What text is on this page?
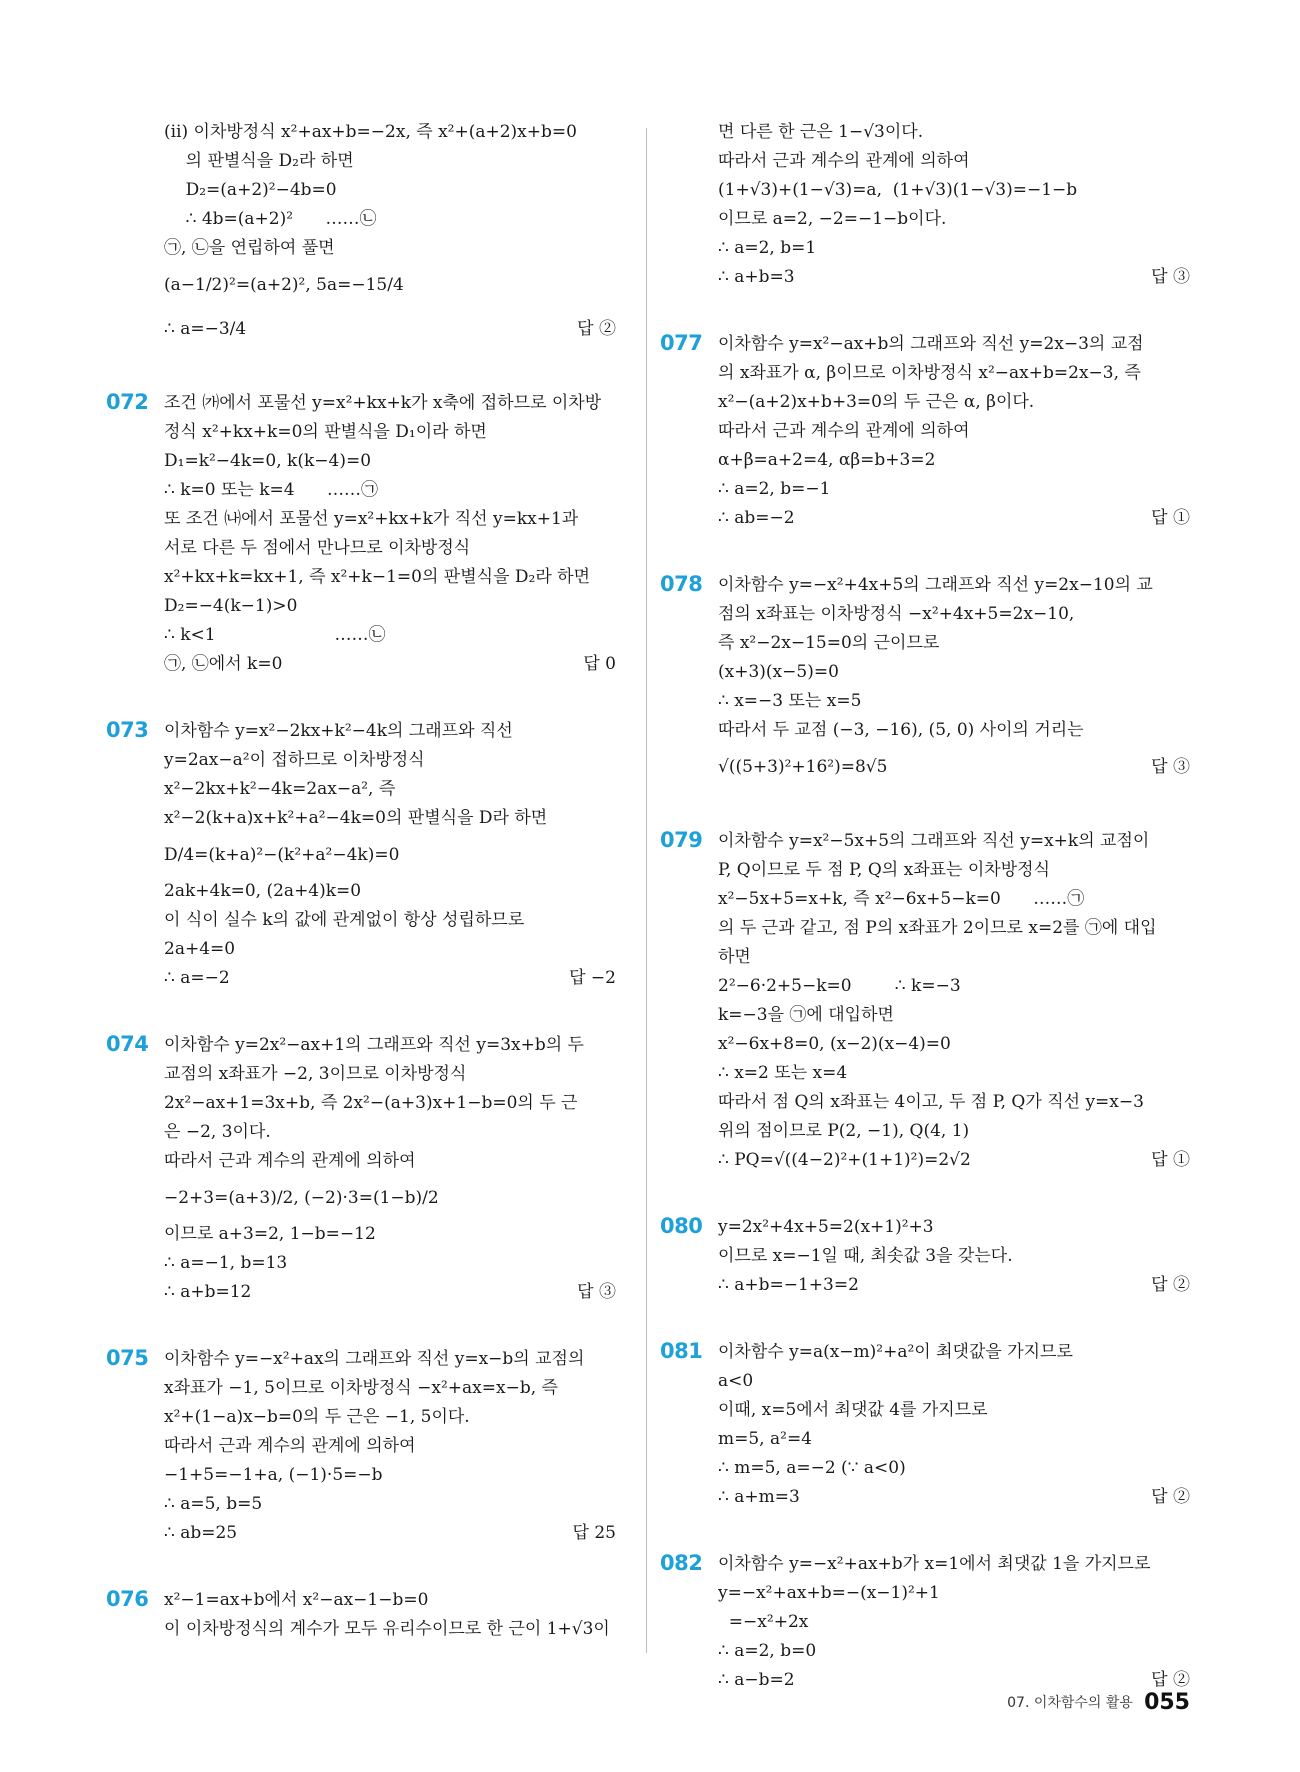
(ⅱ) 이차방정식 x²+ax+b=−2x, 즉 x²+(a+2)x+b=0
의 판별식을 D₂라 하면
D₂=(a+2)²−4b=0
∴ 4b=(a+2)²      ……㉡
㉠, ㉡을 연립하여 풀면
(a−1/2)²=(a+2)², 5a=−15/4
∴ a=−3/4	답 ②
072 조건 ㈎에서 포물선 y=x²+kx+k가 x축에 접하므로 이차방
정식 x²+kx+k=0의 판별식을 D₁이라 하면
D₁=k²−4k=0, k(k−4)=0
∴ k=0 또는 k=4      ……㉠
또 조건 ㈏에서 포물선 y=x²+kx+k가 직선 y=kx+1과
서로 다른 두 점에서 만나므로 이차방정식
x²+kx+k=kx+1, 즉 x²+k−1=0의 판별식을 D₂라 하면
D₂=−4(k−1)>0
∴ k<1                      ……㉡
㉠, ㉡에서 k=0	답 0
073 이차함수 y=x²−2kx+k²−4k의 그래프와 직선
y=2ax−a²이 접하므로 이차방정식
x²−2kx+k²−4k=2ax−a², 즉
x²−2(k+a)x+k²+a²−4k=0의 판별식을 D라 하면
D/4=(k+a)²−(k²+a²−4k)=0
2ak+4k=0, (2a+4)k=0
이 식이 실수 k의 값에 관계없이 항상 성립하므로
2a+4=0
∴ a=−2	답 −2
074 이차함수 y=2x²−ax+1의 그래프와 직선 y=3x+b의 두
교점의 x좌표가 −2, 3이므로 이차방정식
2x²−ax+1=3x+b, 즉 2x²−(a+3)x+1−b=0의 두 근
은 −2, 3이다.
따라서 근과 계수의 관계에 의하여
−2+3=(a+3)/2, (−2)·3=(1−b)/2
이므로 a+3=2, 1−b=−12
∴ a=−1, b=13
∴ a+b=12	답 ③
075 이차함수 y=−x²+ax의 그래프와 직선 y=x−b의 교점의
x좌표가 −1, 5이므로 이차방정식 −x²+ax=x−b, 즉
x²+(1−a)x−b=0의 두 근은 −1, 5이다.
따라서 근과 계수의 관계에 의하여
−1+5=−1+a, (−1)·5=−b
∴ a=5, b=5
∴ ab=25	답 25
076 x²−1=ax+b에서 x²−ax−1−b=0
이 이차방정식의 계수가 모두 유리수이므로 한 근이 1+√3이
면 다른 한 근은 1−√3이다.
따라서 근과 계수의 관계에 의하여
(1+√3)+(1−√3)=a,  (1+√3)(1−√3)=−1−b
이므로 a=2, −2=−1−b이다.
∴ a=2, b=1
∴ a+b=3	답 ③
077 이차함수 y=x²−ax+b의 그래프와 직선 y=2x−3의 교점
의 x좌표가 α, β이므로 이차방정식 x²−ax+b=2x−3, 즉
x²−(a+2)x+b+3=0의 두 근은 α, β이다.
따라서 근과 계수의 관계에 의하여
α+β=a+2=4, αβ=b+3=2
∴ a=2, b=−1
∴ ab=−2	답 ①
078 이차함수 y=−x²+4x+5의 그래프와 직선 y=2x−10의 교
점의 x좌표는 이차방정식 −x²+4x+5=2x−10,
즉 x²−2x−15=0의 근이므로
(x+3)(x−5)=0
∴ x=−3 또는 x=5
따라서 두 교점 (−3, −16), (5, 0) 사이의 거리는
√((5+3)²+16²)=8√5	답 ③
079 이차함수 y=x²−5x+5의 그래프와 직선 y=x+k의 교점이
P, Q이므로 두 점 P, Q의 x좌표는 이차방정식
x²−5x+5=x+k, 즉 x²−6x+5−k=0      ……㉠
의 두 근과 같고, 점 P의 x좌표가 2이므로 x=2를 ㉠에 대입
하면
2²−6·2+5−k=0        ∴ k=−3
k=−3을 ㉠에 대입하면
x²−6x+8=0, (x−2)(x−4)=0
∴ x=2 또는 x=4
따라서 점 Q의 x좌표는 4이고, 두 점 P, Q가 직선 y=x−3
위의 점이므로 P(2, −1), Q(4, 1)
∴ PQ=√((4−2)²+(1+1)²)=2√2	답 ①
080 y=2x²+4x+5=2(x+1)²+3
이므로 x=−1일 때, 최솟값 3을 갖는다.
∴ a+b=−1+3=2	답 ②
081 이차함수 y=a(x−m)²+a²이 최댓값을 가지므로
a<0
이때, x=5에서 최댓값 4를 가지므로
m=5, a²=4
∴ m=5, a=−2 (∵ a<0)
∴ a+m=3	답 ②
082 이차함수 y=−x²+ax+b가 x=1에서 최댓값 1을 가지므로
y=−x²+ax+b=−(x−1)²+1
=−x²+2x
∴ a=2, b=0
∴ a−b=2	답 ②
07. 이차함수의 활용 055
